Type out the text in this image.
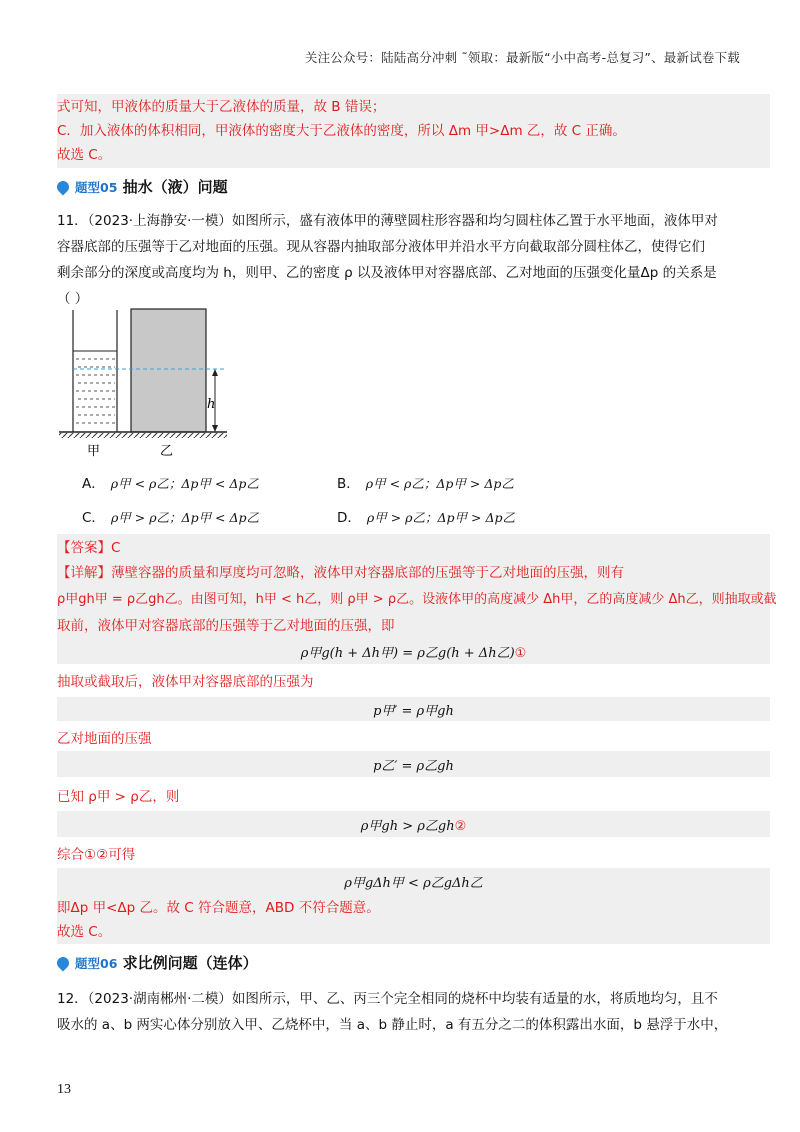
关注公众号：陆陆高分冲刺 ˜领取：最新版“小中高考-总复习”、最新试卷下载
式可知，甲液体的质量大于乙液体的质量，故 B 错误；
C．加入液体的体积相同，甲液体的密度大于乙液体的密度，所以 Δm 甲>Δm 乙，故 C 正确。
故选 C。
题型05 抽水（液）问题
11．（2023·上海静安·一模）如图所示，盛有液体甲的薄壁圆柱形容器和均匀圆柱体乙置于水平地面，液体甲对
容器底部的压强等于乙对地面的压强。现从容器内抽取部分液体甲并沿水平方向截取部分圆柱体乙，使得它们
剩余部分的深度或高度均为 h，则甲、乙的密度 ρ 以及液体甲对容器底部、乙对地面的压强变化量Δp 的关系是
（ ）
h
甲	乙
A． ρ甲 < ρ乙；Δp甲 < Δp乙	B． ρ甲 < ρ乙；Δp甲 > Δp乙
C． ρ甲 > ρ乙；Δp甲 < Δp乙	D． ρ甲 > ρ乙；Δp甲 > Δp乙
【答案】C
【详解】薄壁容器的质量和厚度均可忽略，液体甲对容器底部的压强等于乙对地面的压强，则有
ρ甲gh甲 = ρ乙gh乙。由图可知，h甲 < h乙，则 ρ甲 > ρ乙。设液体甲的高度减少 Δh甲，乙的高度减少 Δh乙，则抽取或截
取前，液体甲对容器底部的压强等于乙对地面的压强，即
ρ甲g(h + Δh甲) = ρ乙g(h + Δh乙)①
抽取或截取后，液体甲对容器底部的压强为
p甲′ = ρ甲gh
乙对地面的压强
p乙′ = ρ乙gh
已知 ρ甲 > ρ乙，则
ρ甲gh > ρ乙gh②
综合①②可得
ρ甲gΔh甲 < ρ乙gΔh乙
即Δp 甲<Δp 乙。故 C 符合题意，ABD 不符合题意。
故选 C。
题型06 求比例问题（连体）
12．（2023·湖南郴州·二模）如图所示，甲、乙、丙三个完全相同的烧杯中均装有适量的水，将质地均匀，且不
吸水的 a、b 两实心体分别放入甲、乙烧杯中，当 a、b 静止时，a 有五分之二的体积露出水面，b 悬浮于水中，
13
